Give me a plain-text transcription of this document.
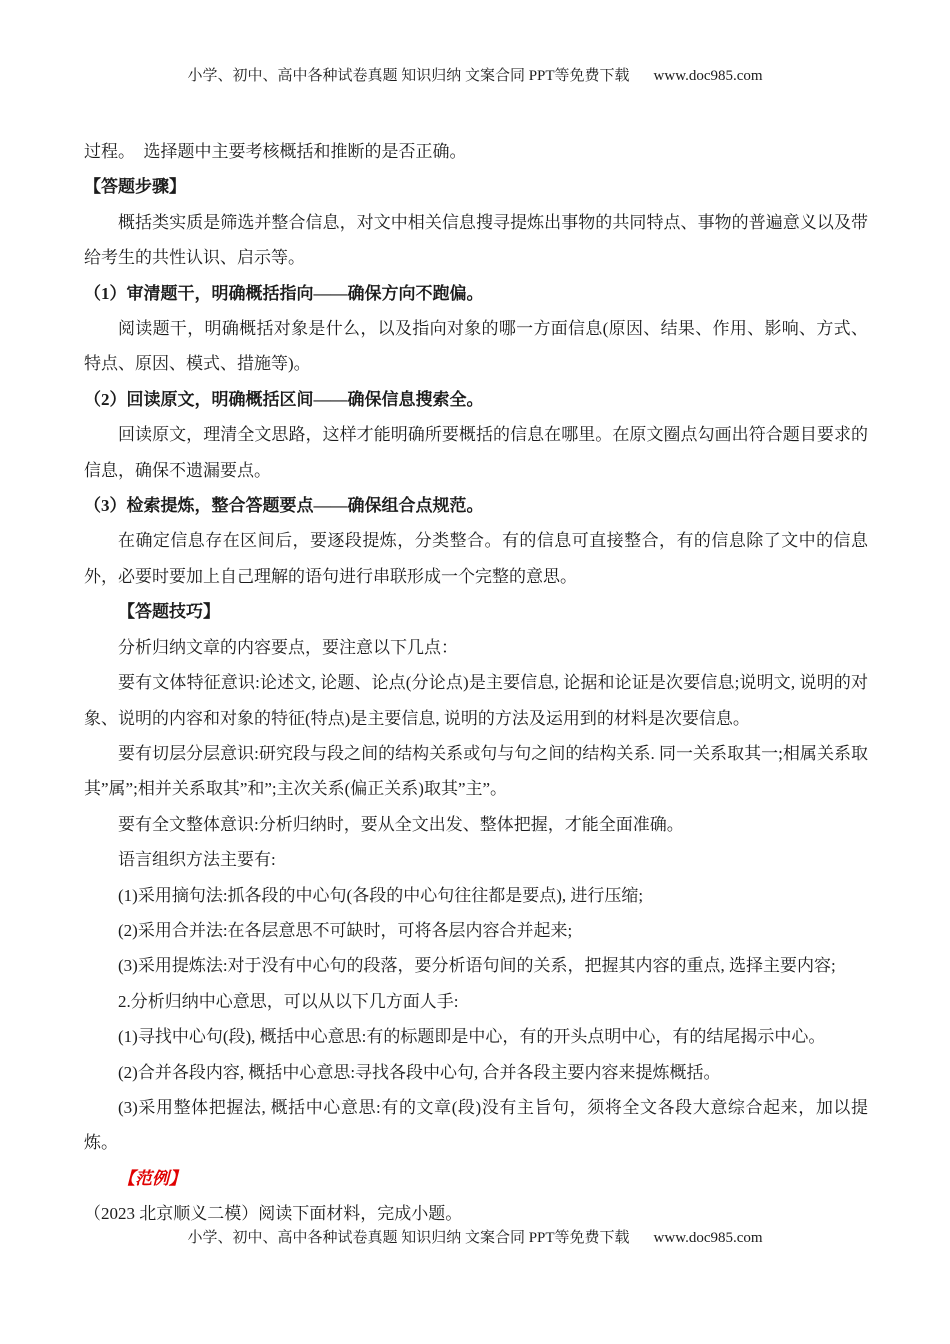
小学、初中、高中各种试卷真题 知识归纳 文案合同 PPT等免费下载 www.doc985.com

过程。　选择题中主要考核概括和推断的是否正确。

【答题步骤】

概括类实质是筛选并整合信息，对文中相关信息搜寻提炼出事物的共同特点、事物的普遍意义以及带给考生的共性认识、启示等。

（1）审清题干，明确概括指向——确保方向不跑偏。

阅读题干，明确概括对象是什么，以及指向对象的哪一方面信息(原因、结果、作用、影响、方式、特点、原因、模式、措施等)。

（2）回读原文，明确概括区间——确保信息搜索全。

回读原文，理清全文思路，这样才能明确所要概括的信息在哪里。在原文圈点勾画出符合题目要求的信息，确保不遗漏要点。

（3）检索提炼，整合答题要点——确保组合点规范。

在确定信息存在区间后，要逐段提炼，分类整合。有的信息可直接整合，有的信息除了文中的信息外，必要时要加上自己理解的语句进行串联形成一个完整的意思。

【答题技巧】

分析归纳文章的内容要点，要注意以下几点：

要有文体特征意识:论述文, 论题、论点(分论点)是主要信息, 论据和论证是次要信息;说明文, 说明的对象、说明的内容和对象的特征(特点)是主要信息, 说明的方法及运用到的材料是次要信息。

要有切层分层意识:研究段与段之间的结构关系或句与句之间的结构关系. 同一关系取其一;相属关系取其”属”;相并关系取其”和”;主次关系(偏正关系)取其”主”。

要有全文整体意识:分析归纳时，要从全文出发、整体把握，才能全面准确。

语言组织方法主要有:

(1)采用摘句法:抓各段的中心句(各段的中心句往往都是要点), 进行压缩;

(2)采用合并法:在各层意思不可缺时，可将各层内容合并起来;

(3)采用提炼法:对于没有中心句的段落，要分析语句间的关系，把握其内容的重点, 选择主要内容;

2.分析归纳中心意思，可以从以下几方面人手:

(1)寻找中心句(段), 概括中心意思:有的标题即是中心，有的开头点明中心，有的结尾揭示中心。

(2)合并各段内容, 概括中心意思:寻找各段中心句, 合并各段主要内容来提炼概括。

(3)采用整体把握法, 概括中心意思:有的文章(段)没有主旨句，须将全文各段大意综合起来，加以提炼。

【范例】

（2023 北京顺义二模）阅读下面材料，完成小题。

小学、初中、高中各种试卷真题 知识归纳 文案合同 PPT等免费下载 www.doc985.com
